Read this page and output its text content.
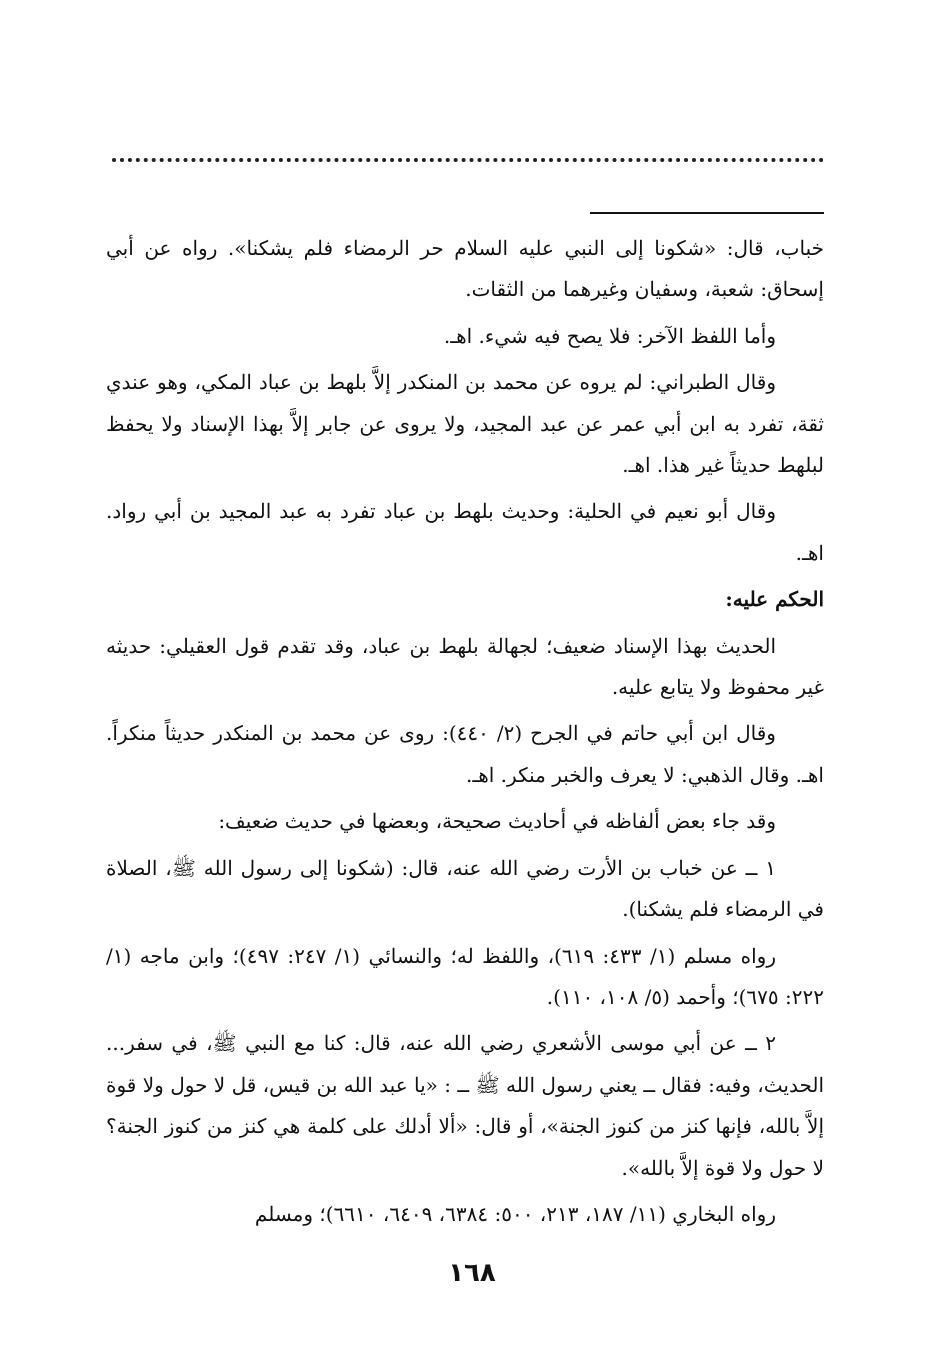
خباب، قال: «شكونا إلى النبي عليه السلام حر الرمضاء فلم يشكنا». رواه عن أبي إسحاق: شعبة، وسفيان وغيرهما من الثقات.

وأما اللفظ الآخر: فلا يصح فيه شيء. اهـ.

وقال الطبراني: لم يروه عن محمد بن المنكدر إلاَّ بلهط بن عباد المكي، وهو عندي ثقة، تفرد به ابن أبي عمر عن عبد المجيد، ولا يروى عن جابر إلاَّ بهذا الإسناد ولا يحفظ لبلهط حديثاً غير هذا. اهـ.

وقال أبو نعيم في الحلية: وحديث بلهط بن عباد تفرد به عبد المجيد بن أبي رواد. اهـ.

الحكم عليه:

الحديث بهذا الإسناد ضعيف؛ لجهالة بلهط بن عباد، وقد تقدم قول العقيلي: حديثه غير محفوظ ولا يتابع عليه.

وقال ابن أبي حاتم في الجرح (٢/ ٤٤٠): روى عن محمد بن المنكدر حديثاً منكراً. اهـ. وقال الذهبي: لا يعرف والخبر منكر. اهـ.

وقد جاء بعض ألفاظه في أحاديث صحيحة، وبعضها في حديث ضعيف:

١ ــ عن خباب بن الأرت رضي الله عنه، قال: (شكونا إلى رسول الله ﷺ، الصلاة في الرمضاء فلم يشكنا).

رواه مسلم (١/ ٤٣٣: ٦١٩)، واللفظ له؛ والنسائي (١/ ٢٤٧: ٤٩٧)؛ وابن ماجه (١/ ٢٢٢: ٦٧٥)؛ وأحمد (٥/ ١٠٨، ١١٠).

٢ ــ عن أبي موسى الأشعري رضي الله عنه، قال: كنا مع النبي ﷺ، في سفر... الحديث، وفيه: فقال ــ يعني رسول الله ﷺ ــ : «يا عبد الله بن قيس، قل لا حول ولا قوة إلاَّ بالله، فإنها كنز من كنوز الجنة»، أو قال: «ألا أدلك على كلمة هي كنز من كنوز الجنة؟ لا حول ولا قوة إلاَّ بالله».

رواه البخاري (١١/ ١٨٧، ٢١٣، ٥٠٠: ٦٣٨٤، ٦٤٠٩، ٦٦١٠)؛ ومسلم

١٦٨
